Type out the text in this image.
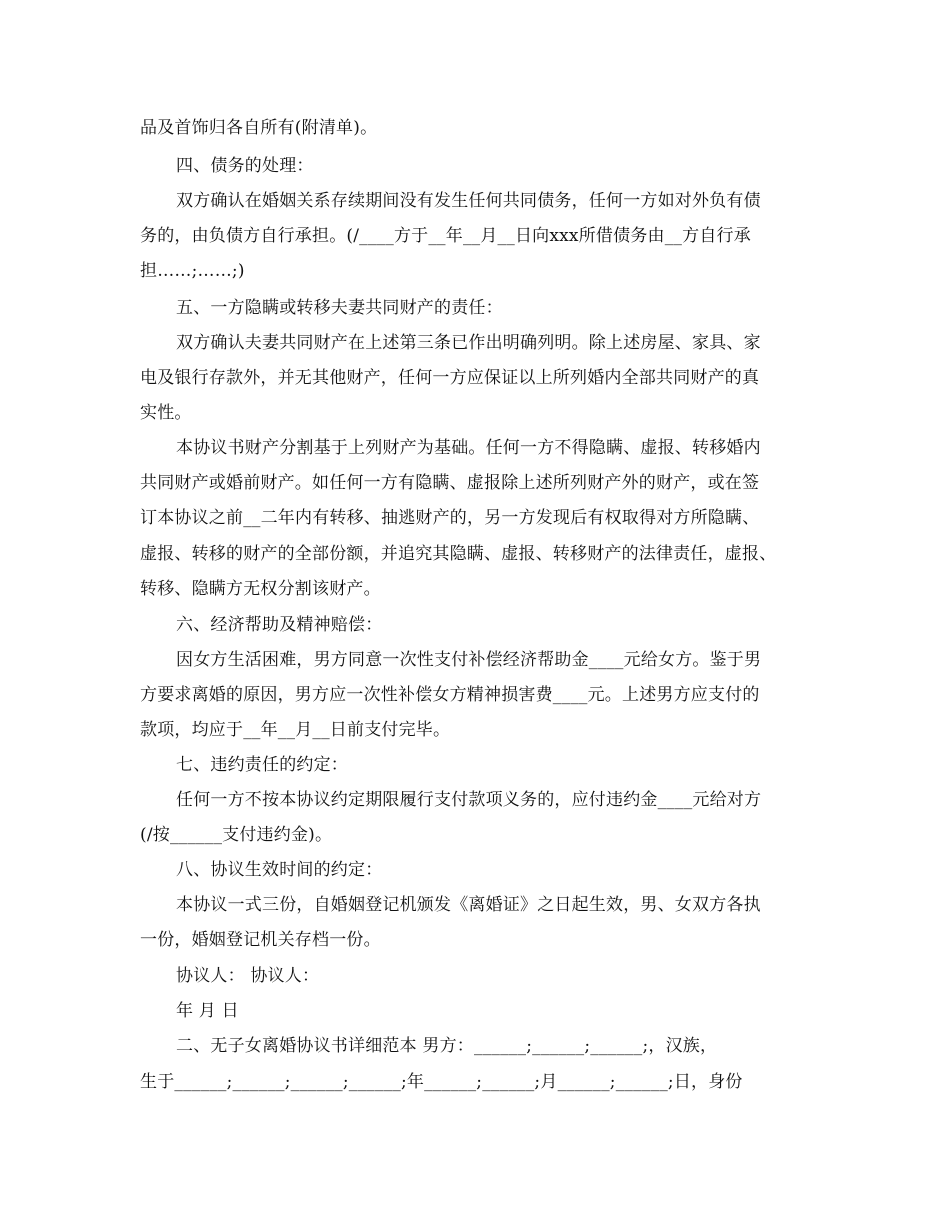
品及首饰归各自所有(附清单)。
四、债务的处理：
双方确认在婚姻关系存续期间没有发生任何共同债务，任何一方如对外负有债
务的，由负债方自行承担。(/____方于__年__月__日向xxx所借债务由__方自行承
担……;……;)
五、一方隐瞒或转移夫妻共同财产的责任：
双方确认夫妻共同财产在上述第三条已作出明确列明。除上述房屋、家具、家
电及银行存款外，并无其他财产，任何一方应保证以上所列婚内全部共同财产的真
实性。
本协议书财产分割基于上列财产为基础。任何一方不得隐瞒、虚报、转移婚内
共同财产或婚前财产。如任何一方有隐瞒、虚报除上述所列财产外的财产，或在签
订本协议之前__二年内有转移、抽逃财产的，另一方发现后有权取得对方所隐瞒、
虚报、转移的财产的全部份额，并追究其隐瞒、虚报、转移财产的法律责任，虚报、
转移、隐瞒方无权分割该财产。
六、经济帮助及精神赔偿：
因女方生活困难，男方同意一次性支付补偿经济帮助金____元给女方。鉴于男
方要求离婚的原因，男方应一次性补偿女方精神损害费____元。上述男方应支付的
款项，均应于__年__月__日前支付完毕。
七、违约责任的约定：
任何一方不按本协议约定期限履行支付款项义务的，应付违约金____元给对方
(/按______支付违约金)。
八、协议生效时间的约定：
本协议一式三份，自婚姻登记机颁发《离婚证》之日起生效，男、女双方各执
一份，婚姻登记机关存档一份。
协议人： 协议人：
年 月 日
二、无子女离婚协议书详细范本 男方：______;______;______;，汉族，
生于______;______;______;______;年______;______;月______;______;日，身份
